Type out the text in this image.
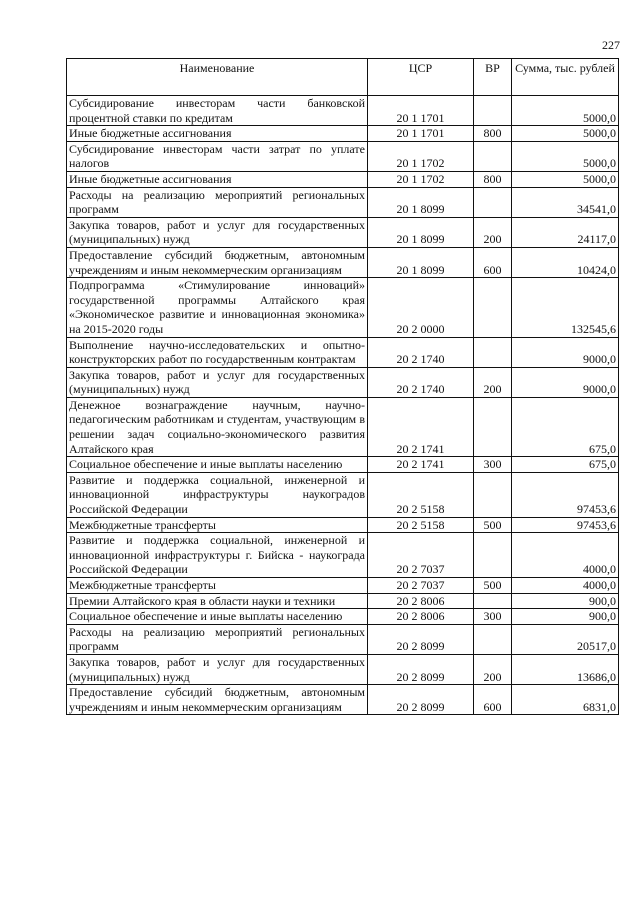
227
Наименование	ЦСР	ВР	Сумма, тыс. рублей
Субсидирование инвесторам части банковской процентной ставки по кредитам	20 1 1701		5000,0
Иные бюджетные ассигнования	20 1 1701	800	5000,0
Субсидирование инвесторам части затрат по уплате налогов	20 1 1702		5000,0
Иные бюджетные ассигнования	20 1 1702	800	5000,0
Расходы на реализацию мероприятий региональных программ	20 1 8099		34541,0
Закупка товаров, работ и услуг для государственных (муниципальных) нужд	20 1 8099	200	24117,0
Предоставление субсидий бюджетным, автономным учреждениям и иным некоммерческим организациям	20 1 8099	600	10424,0
Подпрограмма «Стимулирование инноваций» государственной программы Алтайского края «Экономическое развитие и инновационная экономика» на 2015-2020 годы	20 2 0000		132545,6
Выполнение научно-исследовательских и опытно-конструкторских работ по государственным контрактам	20 2 1740		9000,0
Закупка товаров, работ и услуг для государственных (муниципальных) нужд	20 2 1740	200	9000,0
Денежное вознаграждение научным, научно-педагогическим работникам и студентам, участвующим в решении задач социально-экономического развития Алтайского края	20 2 1741		675,0
Социальное обеспечение и иные выплаты населению	20 2 1741	300	675,0
Развитие и поддержка социальной, инженерной и инновационной инфраструктуры наукоградов Российской Федерации	20 2 5158		97453,6
Межбюджетные трансферты	20 2 5158	500	97453,6
Развитие и поддержка социальной, инженерной и инновационной инфраструктуры г. Бийска - наукограда Российской Федерации	20 2 7037		4000,0
Межбюджетные трансферты	20 2 7037	500	4000,0
Премии Алтайского края в области науки и техники	20 2 8006		900,0
Социальное обеспечение и иные выплаты населению	20 2 8006	300	900,0
Расходы на реализацию мероприятий региональных программ	20 2 8099		20517,0
Закупка товаров, работ и услуг для государственных (муниципальных) нужд	20 2 8099	200	13686,0
Предоставление субсидий бюджетным, автономным учреждениям и иным некоммерческим организациям	20 2 8099	600	6831,0
